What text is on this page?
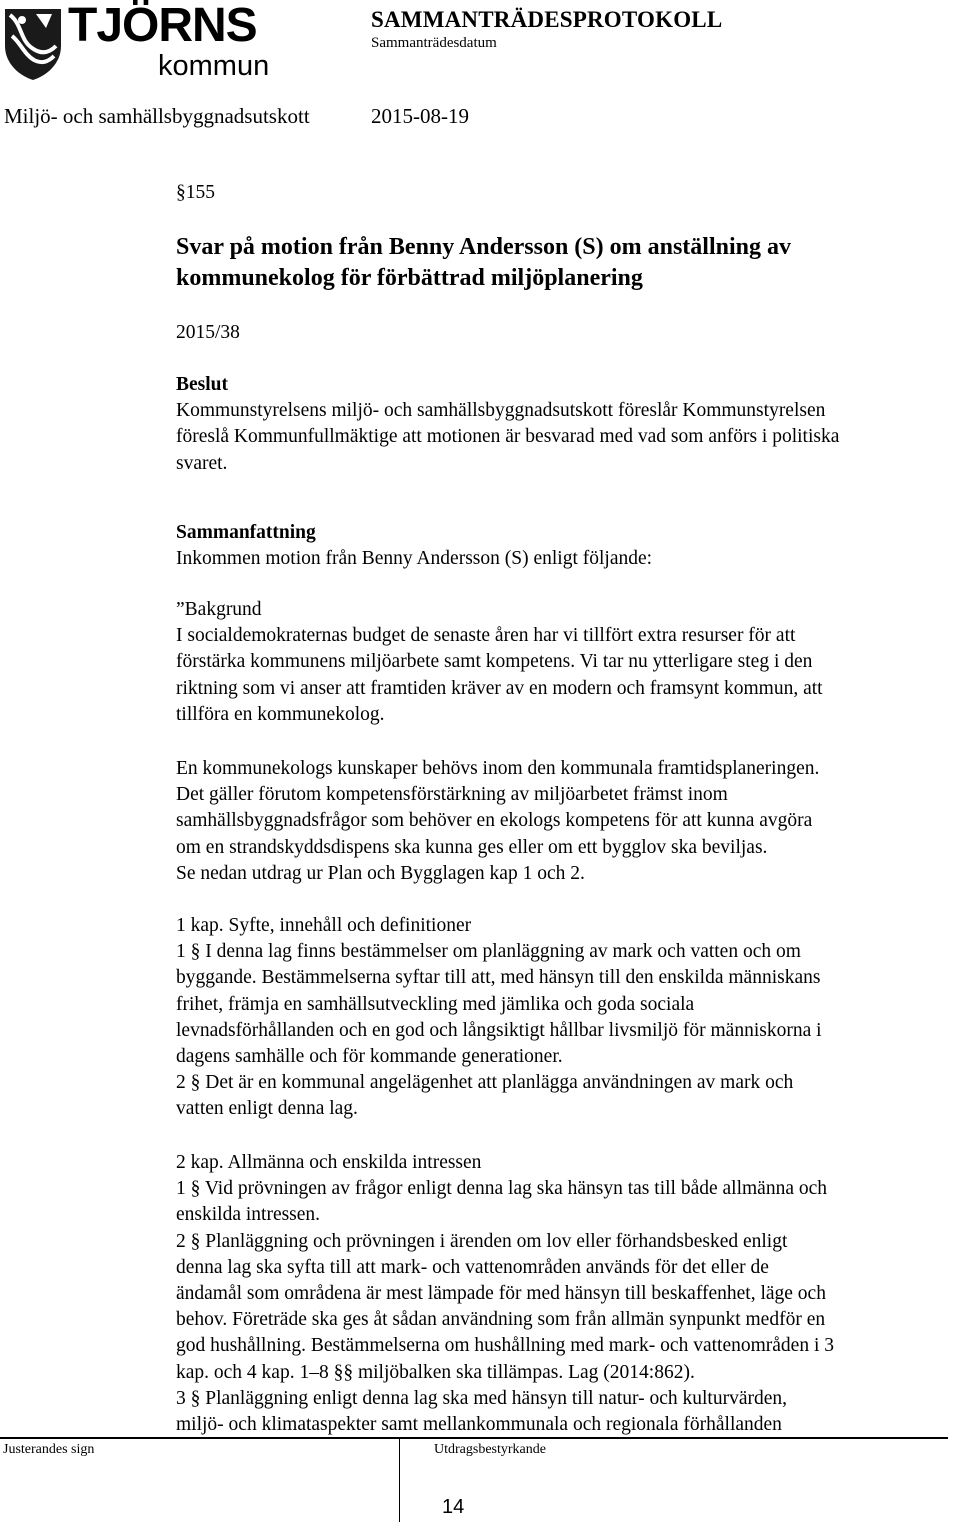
TJÖRNS
kommun
SAMMANTRÄDESPROTOKOLL
Sammanträdesdatum
Miljö- och samhällsbyggnadsutskott	2015-08-19
§155
Svar på motion från Benny Andersson (S) om anställning av
kommunekolog för förbättrad miljöplanering
2015/38
Beslut
Kommunstyrelsens miljö- och samhällsbyggnadsutskott föreslår Kommunstyrelsen
föreslå Kommunfullmäktige att motionen är besvarad med vad som anförs i politiska
svaret.
Sammanfattning
Inkommen motion från Benny Andersson (S) enligt följande:
”Bakgrund
I socialdemokraternas budget de senaste åren har vi tillfört extra resurser för att
förstärka kommunens miljöarbete samt kompetens. Vi tar nu ytterligare steg i den
riktning som vi anser att framtiden kräver av en modern och framsynt kommun, att
tillföra en kommunekolog.
En kommunekologs kunskaper behövs inom den kommunala framtidsplaneringen.
Det gäller förutom kompetensförstärkning av miljöarbetet främst inom
samhällsbyggnadsfrågor som behöver en ekologs kompetens för att kunna avgöra
om en strandskyddsdispens ska kunna ges eller om ett bygglov ska beviljas.
Se nedan utdrag ur Plan och Bygglagen kap 1 och 2.
1 kap. Syfte, innehåll och definitioner
1 § I denna lag finns bestämmelser om planläggning av mark och vatten och om
byggande. Bestämmelserna syftar till att, med hänsyn till den enskilda människans
frihet, främja en samhällsutveckling med jämlika och goda sociala
levnadsförhållanden och en god och långsiktigt hållbar livsmiljö för människorna i
dagens samhälle och för kommande generationer.
2 § Det är en kommunal angelägenhet att planlägga användningen av mark och
vatten enligt denna lag.
2 kap. Allmänna och enskilda intressen
1 § Vid prövningen av frågor enligt denna lag ska hänsyn tas till både allmänna och
enskilda intressen.
2 § Planläggning och prövningen i ärenden om lov eller förhandsbesked enligt
denna lag ska syfta till att mark- och vattenområden används för det eller de
ändamål som områdena är mest lämpade för med hänsyn till beskaffenhet, läge och
behov. Företräde ska ges åt sådan användning som från allmän synpunkt medför en
god hushållning. Bestämmelserna om hushållning med mark- och vattenområden i 3
kap. och 4 kap. 1–8 §§ miljöbalken ska tillämpas. Lag (2014:862).
3 § Planläggning enligt denna lag ska med hänsyn till natur- och kulturvärden,
miljö- och klimataspekter samt mellankommunala och regionala förhållanden
Justerandes sign	Utdragsbestyrkande
14
